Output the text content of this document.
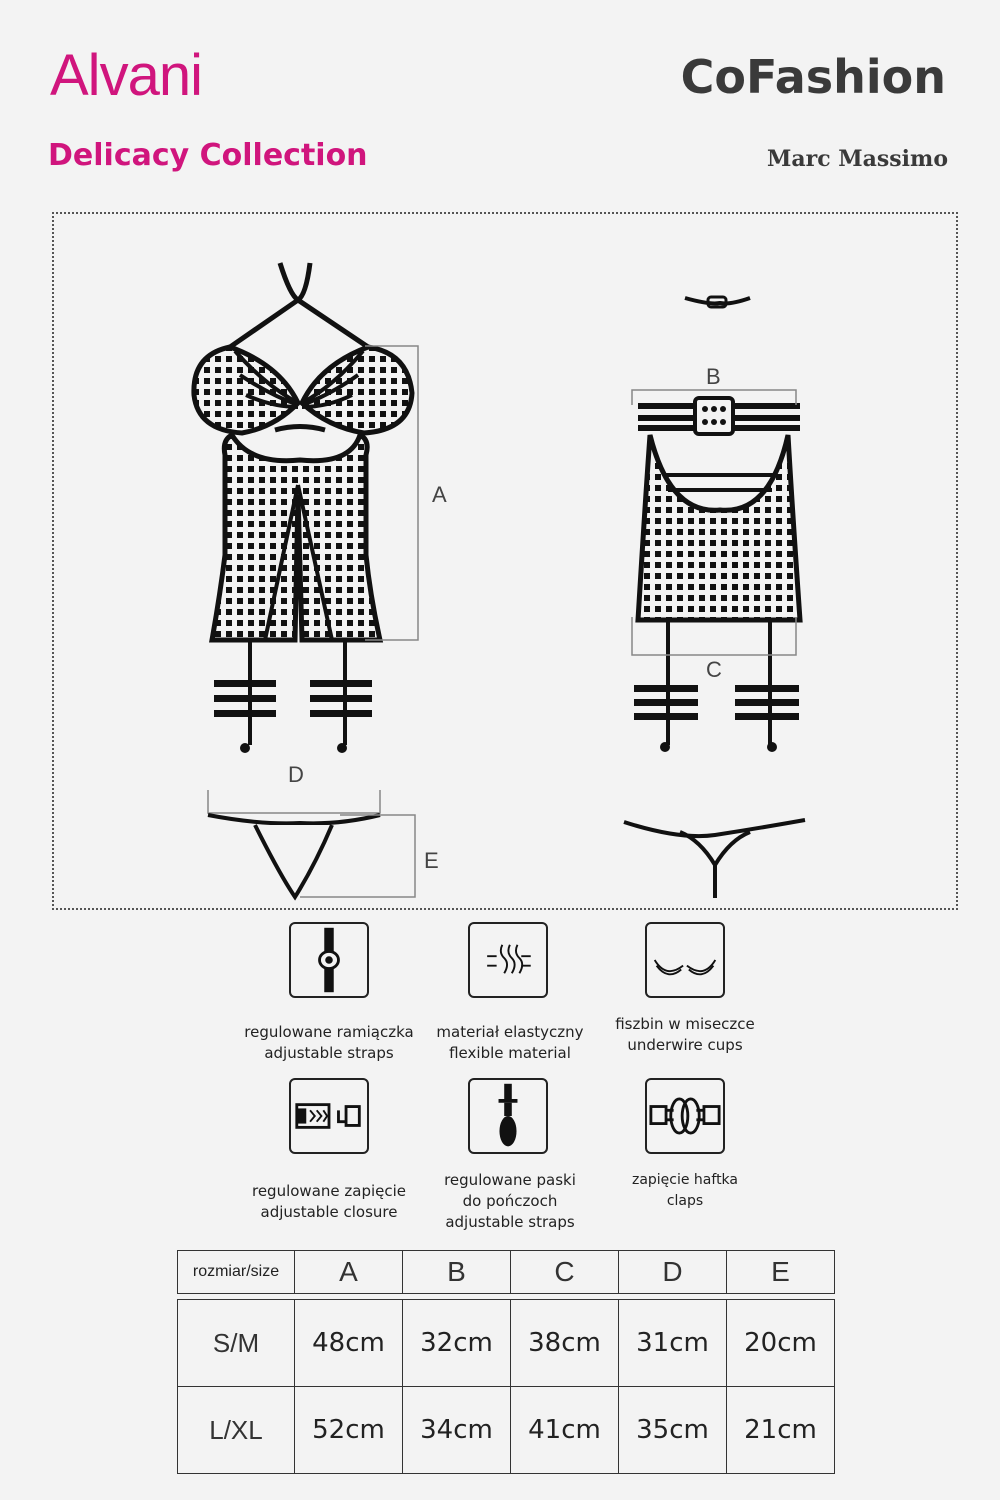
Alvani
Delicacy Collection
CoFashion
Marc Massimo
A
B
C
D
E
regulowane ramiączka
adjustable straps
materiał elastyczny
flexible material
fiszbin w miseczce
underwire cups
regulowane zapięcie
adjustable closure
regulowane paski
do pończoch
adjustable straps
zapięcie haftka
claps
rozmiar/size	A	B	C	D	E
S/M	48cm	32cm	38cm	31cm	20cm
L/XL	52cm	34cm	41cm	35cm	21cm
